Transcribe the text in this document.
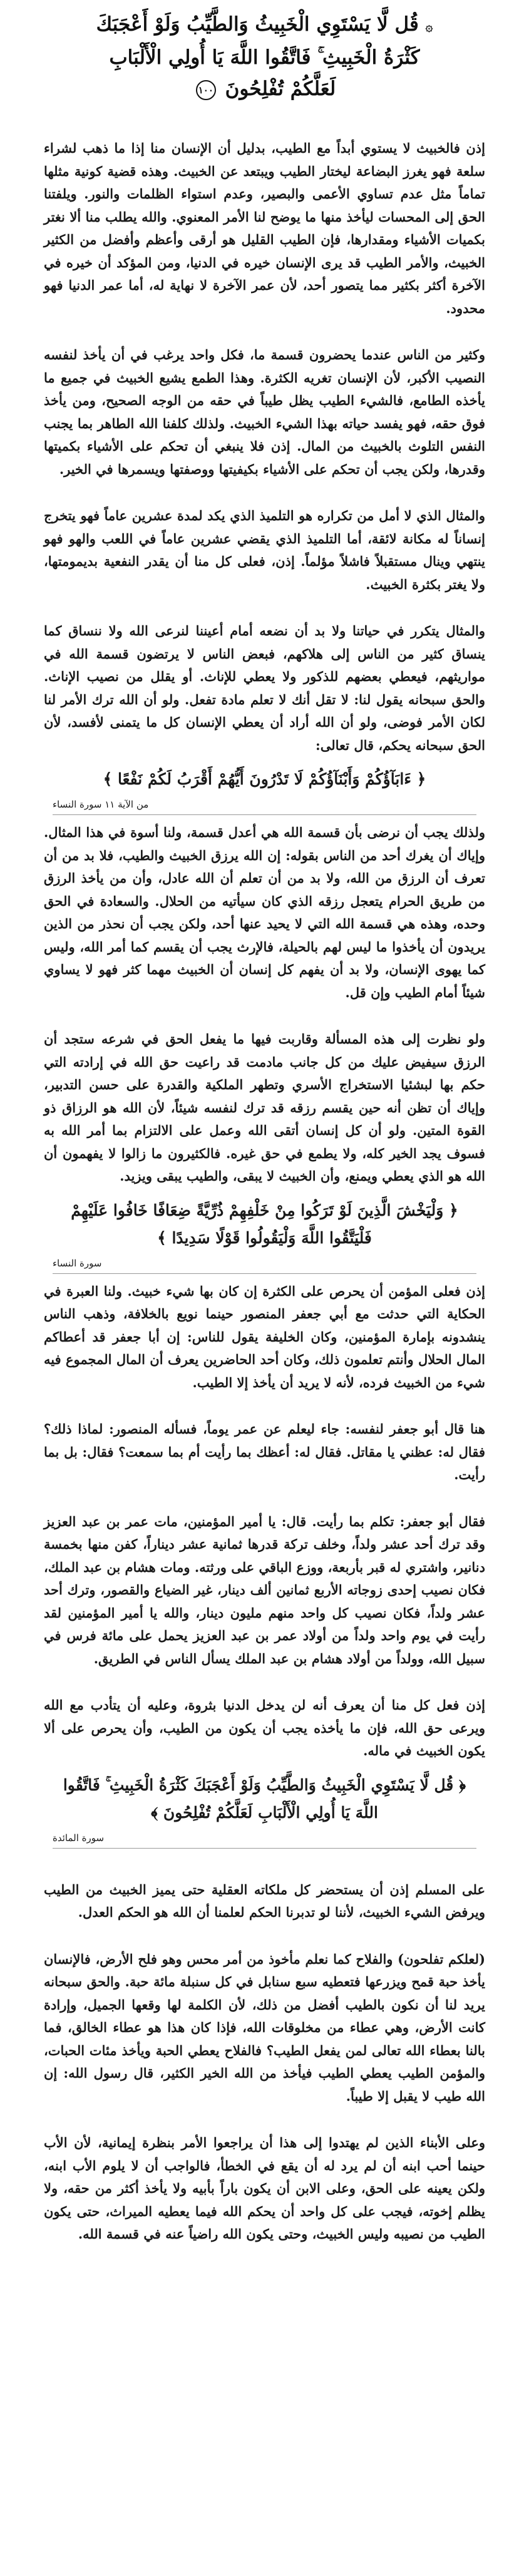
۞ قُل لَّا يَسْتَوِي الْخَبِيثُ وَالطَّيِّبُ وَلَوْ أَعْجَبَكَ
كَثْرَةُ الْخَبِيثِ ۚ فَاتَّقُوا اللَّهَ يَا أُولِي الْأَلْبَابِ
لَعَلَّكُمْ تُفْلِحُونَ ١٠٠

إذن فالخبيث لا يستوي أبداً مع الطيب، بدليل أن الإنسان منا إذا ما ذهب لشراء سلعة فهو يغرز البضاعة ليختار الطيب ويبتعد عن الخبيث. وهذه قضية كونية مثلها تماماً مثل عدم تساوي الأعمى والبصير، وعدم استواء الظلمات والنور. ويلفتنا الحق إلى المحسات ليأخذ منها ما يوضح لنا الأمر المعنوي. والله يطلب منا ألا نغتر بكميات الأشياء ومقدارها، فإن الطيب القليل هو أرقى وأعظم وأفضل من الكثير الخبيث، والأمر الطيب قد يرى الإنسان خيره في الدنيا، ومن المؤكد أن خيره في الآخرة أكثر بكثير مما يتصور أحد، لأن عمر الآخرة لا نهاية له، أما عمر الدنيا فهو محدود.

وكثير من الناس عندما يحضرون قسمة ما، فكل واحد يرغب في أن يأخذ لنفسه النصيب الأكبر، لأن الإنسان تغريه الكثرة. وهذا الطمع يشيع الخبيث في جميع ما يأخذه الطامع، فالشيء الطيب يظل طيباً في حقه من الوجه الصحيح، ومن يأخذ فوق حقه، فهو يفسد حياته بهذا الشيء الخبيث. ولذلك كلفنا الله الطاهر بما يجنب النفس التلوث بالخبيث من المال. إذن فلا ينبغي أن تحكم على الأشياء بكميتها وقدرها، ولكن يجب أن تحكم على الأشياء بكيفيتها ووصفتها ويسمرها في الخير.

والمثال الذي لا أمل من تكراره هو التلميذ الذي يكد لمدة عشرين عاماً فهو يتخرج إنساناً له مكانة لائقة، أما التلميذ الذي يقضي عشرين عاماً في اللعب والهو فهو ينتهي وينال مستقبلاً فاشلاً مؤلماً. إذن، فعلى كل منا أن يقدر النفعية بديمومتها، ولا يغتر بكثرة الخبيث.

والمثال يتكرر في حياتنا ولا بد أن نضعه أمام أعيننا لنرعى الله ولا ننساق كما ينساق كثير من الناس إلى هلاكهم، فبعض الناس لا يرتضون قسمة الله في مواريثهم، فيعطي بعضهم للذكور ولا يعطي للإناث. أو يقلل من نصيب الإناث. والحق سبحانه يقول لنا: لا تقل أنك لا تعلم مادة تفعل. ولو أن الله ترك الأمر لنا لكان الأمر فوضى، ولو أن الله أراد أن يعطي الإنسان كل ما يتمنى لأفسد، لأن الحق سبحانه يحكم، قال تعالى:

﴿ ءَابَآؤُكُمْ وَأَبْنَآؤُكُمْ لَا تَدْرُونَ أَيُّهُمْ أَقْرَبُ لَكُمْ نَفْعًا ﴾
من الآية ١١ سورة النساء

ولذلك يجب أن نرضى بأن قسمة الله هي أعدل قسمة، ولنا أسوة في هذا المثال. وإياك أن يغرك أحد من الناس بقوله: إن الله يرزق الخبيث والطيب، فلا بد من أن تعرف أن الرزق من الله، ولا بد من أن تعلم أن الله عادل، وأن من يأخذ الرزق من طريق الحرام يتعجل رزقه الذي كان سيأتيه من الحلال. والسعادة في الحق وحده، وهذه هي قسمة الله التي لا يحيد عنها أحد، ولكن يجب أن نحذر من الذين يريدون أن يأخذوا ما ليس لهم بالحيلة، فالإرث يجب أن يقسم كما أمر الله، وليس كما يهوى الإنسان، ولا بد أن يفهم كل إنسان أن الخبيث مهما كثر فهو لا يساوي شيئاً أمام الطيب وإن قل.

ولو نظرت إلى هذه المسألة وقاربت فيها ما يفعل الحق في شرعه ستجد أن الرزق سيفيض عليك من كل جانب مادمت قد راعيت حق الله في إرادته التي حكم بها لبشئيا الاستخراج الأسري وتطهر الملكية والقدرة على حسن التدبير، وإياك أن تظن أنه حين يقسم رزقه قد ترك لنفسه شيئاً، لأن الله هو الرزاق ذو القوة المتين. ولو أن كل إنسان أتقى الله وعمل على الالتزام بما أمر الله به فسوف يجد الخير كله، ولا يطمع في حق غيره. فالكثيرون ما زالوا لا يفهمون أن الله هو الذي يعطي ويمنع، وأن الخبيث لا يبقى، والطيب يبقى ويزيد.

﴿ وَلْيَخْشَ الَّذِينَ لَوْ تَرَكُوا مِنْ خَلْفِهِمْ ذُرِّيَّةً ضِعَافًا خَافُوا عَلَيْهِمْ فَلْيَتَّقُوا اللَّهَ وَلْيَقُولُوا قَوْلًا سَدِيدًا ﴾
سورة النساء

إذن فعلى المؤمن أن يحرص على الكثرة إن كان بها شيء خبيث. ولنا العبرة في الحكاية التي حدثت مع أبي جعفر المنصور حينما نويع بالخلافة، وذهب الناس ينشدونه بإمارة المؤمنين، وكان الخليفة يقول للناس: إن أبا جعفر قد أعطاكم المال الحلال وأنتم تعلمون ذلك، وكان أحد الحاضرين يعرف أن المال المجموع فيه شيء من الخبيث فرده، لأنه لا يريد أن يأخذ إلا الطيب.

هنا قال أبو جعفر لنفسه: جاء ليعلم عن عمر يوماً، فسأله المنصور: لماذا ذلك؟ فقال له: عظني يا مقاتل. فقال له: أعظك بما رأيت أم بما سمعت؟ فقال: بل بما رأيت.

فقال أبو جعفر: تكلم بما رأيت. قال: يا أمير المؤمنين، مات عمر بن عبد العزيز وقد ترك أحد عشر ولداً، وخلف تركة قدرها ثمانية عشر ديناراً، كفن منها بخمسة دنانير، واشتري له قبر بأربعة، ووزع الباقي على ورثته. ومات هشام بن عبد الملك، فكان نصيب إحدى زوجاته الأربع ثمانين ألف دينار، غير الضياع والقصور، وترك أحد عشر ولداً، فكان نصيب كل واحد منهم مليون دينار، والله يا أمير المؤمنين لقد رأيت في يوم واحد ولداً من أولاد عمر بن عبد العزيز يحمل على مائة فرس في سبيل الله، وولداً من أولاد هشام بن عبد الملك يسأل الناس في الطريق.

إذن فعل كل منا أن يعرف أنه لن يدخل الدنيا بثروة، وعليه أن يتأدب مع الله ويرعى حق الله، فإن ما يأخذه يجب أن يكون من الطيب، وأن يحرص على ألا يكون الخبيث في ماله.

﴿ قُل لَّا يَسْتَوِي الْخَبِيثُ وَالطَّيِّبُ وَلَوْ أَعْجَبَكَ كَثْرَةُ الْخَبِيثِ ۚ فَاتَّقُوا اللَّهَ يَا أُولِي الْأَلْبَابِ لَعَلَّكُمْ تُفْلِحُونَ ﴾
سورة المائدة

على المسلم إذن أن يستحضر كل ملكاته العقلية حتى يميز الخبيث من الطيب ويرفض الشيء الخبيث، لأننا لو تدبرنا الحكم لعلمنا أن الله هو الحكم العدل.

(لعلكم تفلحون) والفلاح كما نعلم مأخوذ من أمر محس وهو فلح الأرض، فالإنسان يأخذ حبة قمح ويزرعها فتعطيه سبع سنابل في كل سنبلة مائة حبة. والحق سبحانه يريد لنا أن نكون بالطيب أفضل من ذلك، لأن الكلمة لها وقعها الجميل، وإرادة كانت الأرض، وهي عطاء من مخلوقات الله، فإذا كان هذا هو عطاء الخالق، فما بالنا بعطاء الله تعالى لمن يفعل الطيب؟ فالفلاح يعطي الحبة ويأخذ مئات الحبات، والمؤمن الطيب يعطي الطيب فيأخذ من الله الخير الكثير، قال رسول الله: إن الله طيب لا يقبل إلا طيباً.

وعلى الأبناء الذين لم يهتدوا إلى هذا أن يراجعوا الأمر بنظرة إيمانية، لأن الأب حينما أحب ابنه أن لم يرد له أن يقع في الخطأ، فالواجب أن لا يلوم الأب ابنه، ولكن يعينه على الحق، وعلى الابن أن يكون باراً بأبيه ولا يأخذ أكثر من حقه، ولا يظلم إخوته، فيجب على كل واحد أن يحكم الله فيما يعطيه الميراث، حتى يكون الطيب من نصيبه وليس الخبيث، وحتى يكون الله راضياً عنه في قسمة الله.
